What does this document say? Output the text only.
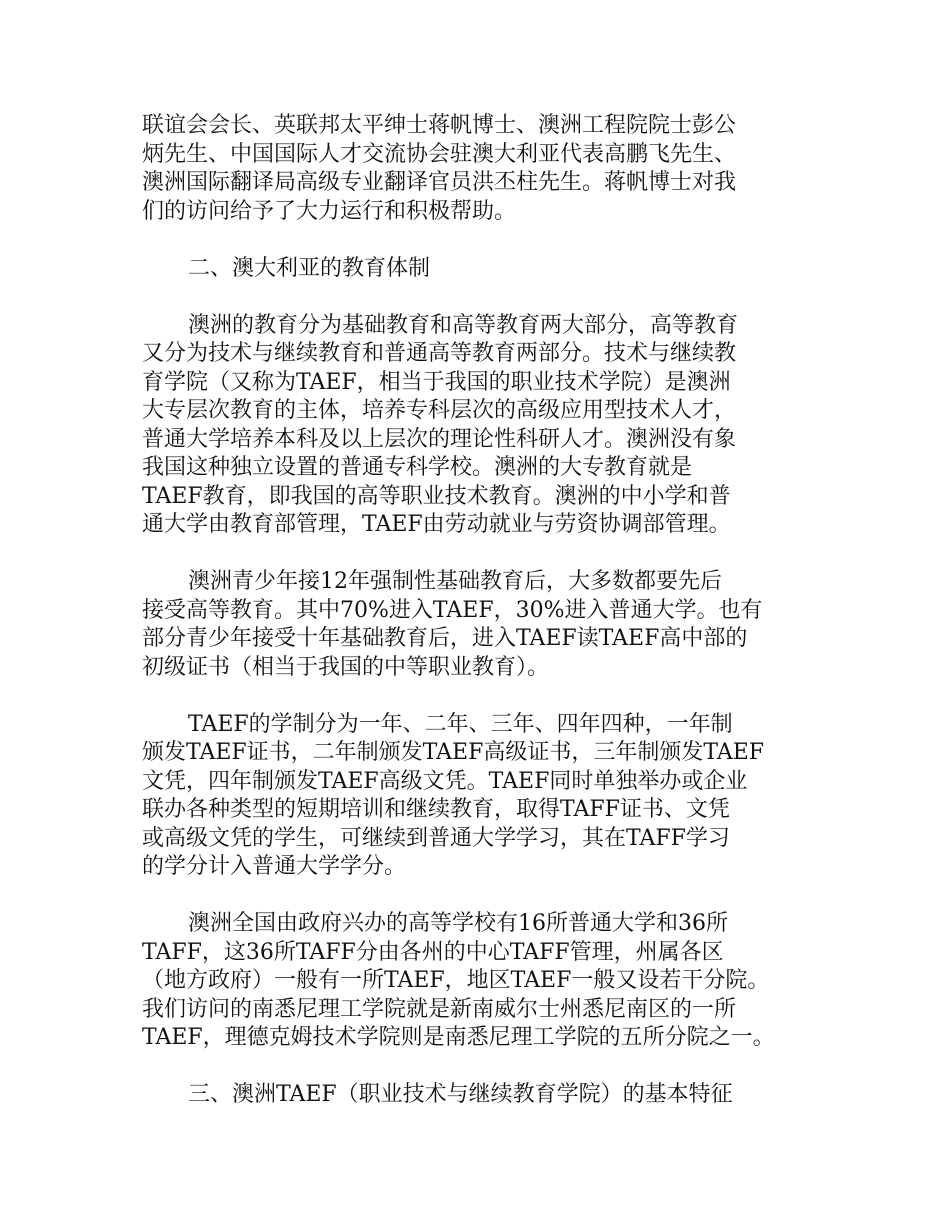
联谊会会长、英联邦太平绅士蒋帆博士、澳洲工程院院士彭公
炳先生、中国国际人才交流协会驻澳大利亚代表高鹏飞先生、
澳洲国际翻译局高级专业翻译官员洪丕柱先生。蒋帆博士对我
们的访问给予了大力运行和积极帮助。
二、澳大利亚的教育体制
澳洲的教育分为基础教育和高等教育两大部分，高等教育
又分为技术与继续教育和普通高等教育两部分。技术与继续教
育学院（又称为TAEF，相当于我国的职业技术学院）是澳洲
大专层次教育的主体，培养专科层次的高级应用型技术人才，
普通大学培养本科及以上层次的理论性科研人才。澳洲没有象
我国这种独立设置的普通专科学校。澳洲的大专教育就是
TAEF教育，即我国的高等职业技术教育。澳洲的中小学和普
通大学由教育部管理，TAEF由劳动就业与劳资协调部管理。
澳洲青少年接12年强制性基础教育后，大多数都要先后
接受高等教育。其中70%进入TAEF，30%进入普通大学。也有
部分青少年接受十年基础教育后，进入TAEF读TAEF高中部的
初级证书（相当于我国的中等职业教育）。
TAEF的学制分为一年、二年、三年、四年四种，一年制
颁发TAEF证书，二年制颁发TAEF高级证书，三年制颁发TAEF
文凭，四年制颁发TAEF高级文凭。TAEF同时单独举办或企业
联办各种类型的短期培训和继续教育，取得TAFF证书、文凭
或高级文凭的学生，可继续到普通大学学习，其在TAFF学习
的学分计入普通大学学分。
澳洲全国由政府兴办的高等学校有16所普通大学和36所
TAFF，这36所TAFF分由各州的中心TAFF管理，州属各区
（地方政府）一般有一所TAEF，地区TAEF一般又设若干分院。
我们访问的南悉尼理工学院就是新南威尔士州悉尼南区的一所
TAEF，理德克姆技术学院则是南悉尼理工学院的五所分院之一。
三、澳洲TAEF（职业技术与继续教育学院）的基本特征
